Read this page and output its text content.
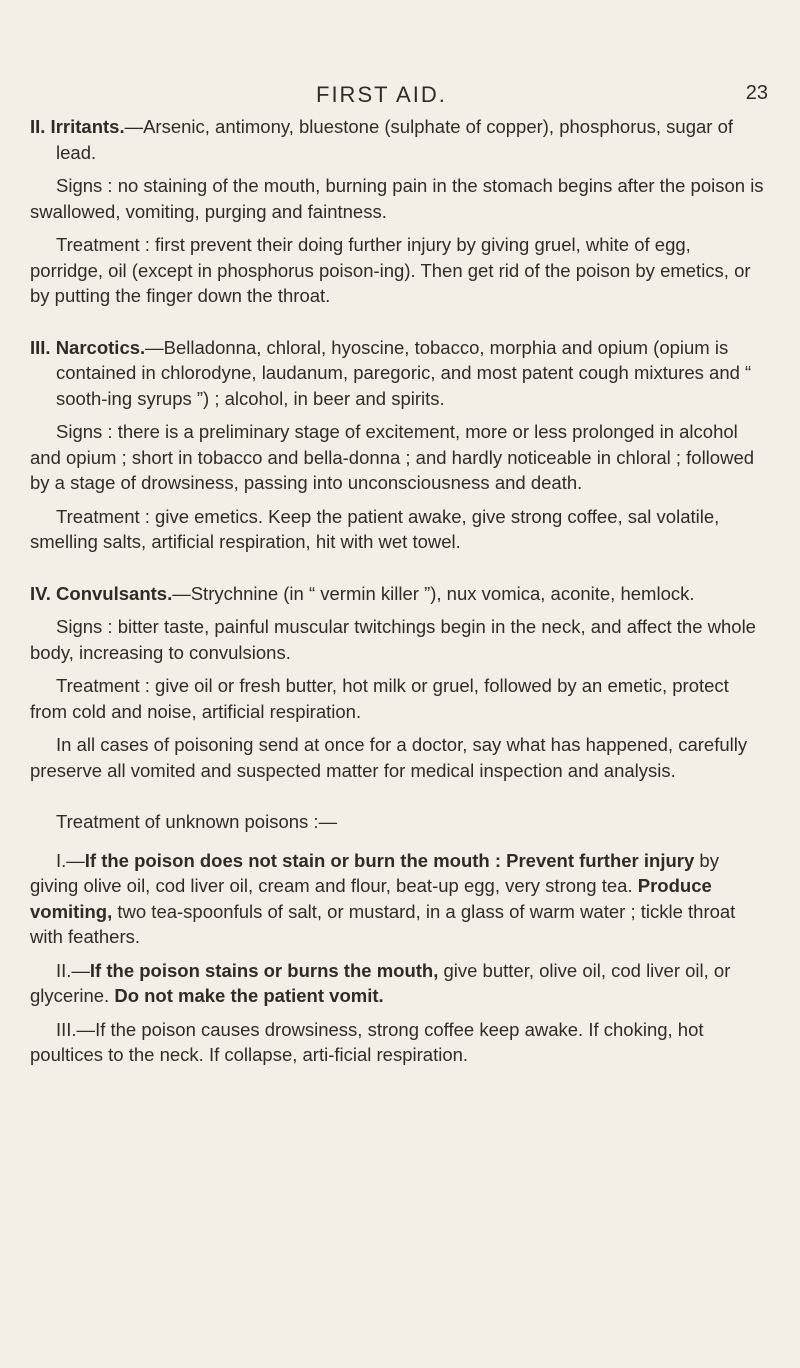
FIRST AID.	23

II. Irritants.—Arsenic, antimony, bluestone (sulphate of copper), phosphorus, sugar of lead.

Signs : no staining of the mouth, burning pain in the stomach begins after the poison is swallowed, vomiting, purging and faintness.

Treatment : first prevent their doing further injury by giving gruel, white of egg, porridge, oil (except in phosphorus poison-ing). Then get rid of the poison by emetics, or by putting the finger down the throat.

III. Narcotics.—Belladonna, chloral, hyoscine, tobacco, morphia and opium (opium is contained in chlorodyne, laudanum, paregoric, and most patent cough mixtures and “ sooth-ing syrups ”) ; alcohol, in beer and spirits.

Signs : there is a preliminary stage of excitement, more or less prolonged in alcohol and opium ; short in tobacco and bella-donna ; and hardly noticeable in chloral ; followed by a stage of drowsiness, passing into unconsciousness and death.

Treatment : give emetics. Keep the patient awake, give strong coffee, sal volatile, smelling salts, artificial respiration, hit with wet towel.

IV. Convulsants.—Strychnine (in “ vermin killer ”), nux vomica, aconite, hemlock.

Signs : bitter taste, painful muscular twitchings begin in the neck, and affect the whole body, increasing to convulsions.

Treatment : give oil or fresh butter, hot milk or gruel, followed by an emetic, protect from cold and noise, artificial respiration.

In all cases of poisoning send at once for a doctor, say what has happened, carefully preserve all vomited and suspected matter for medical inspection and analysis.

Treatment of unknown poisons :—

I.—If the poison does not stain or burn the mouth : Prevent further injury by giving olive oil, cod liver oil, cream and flour, beat-up egg, very strong tea. Produce vomiting, two tea-spoonfuls of salt, or mustard, in a glass of warm water ; tickle throat with feathers.

II.—If the poison stains or burns the mouth, give butter, olive oil, cod liver oil, or glycerine. Do not make the patient vomit.

III.—If the poison causes drowsiness, strong coffee keep awake. If choking, hot poultices to the neck. If collapse, arti-ficial respiration.
